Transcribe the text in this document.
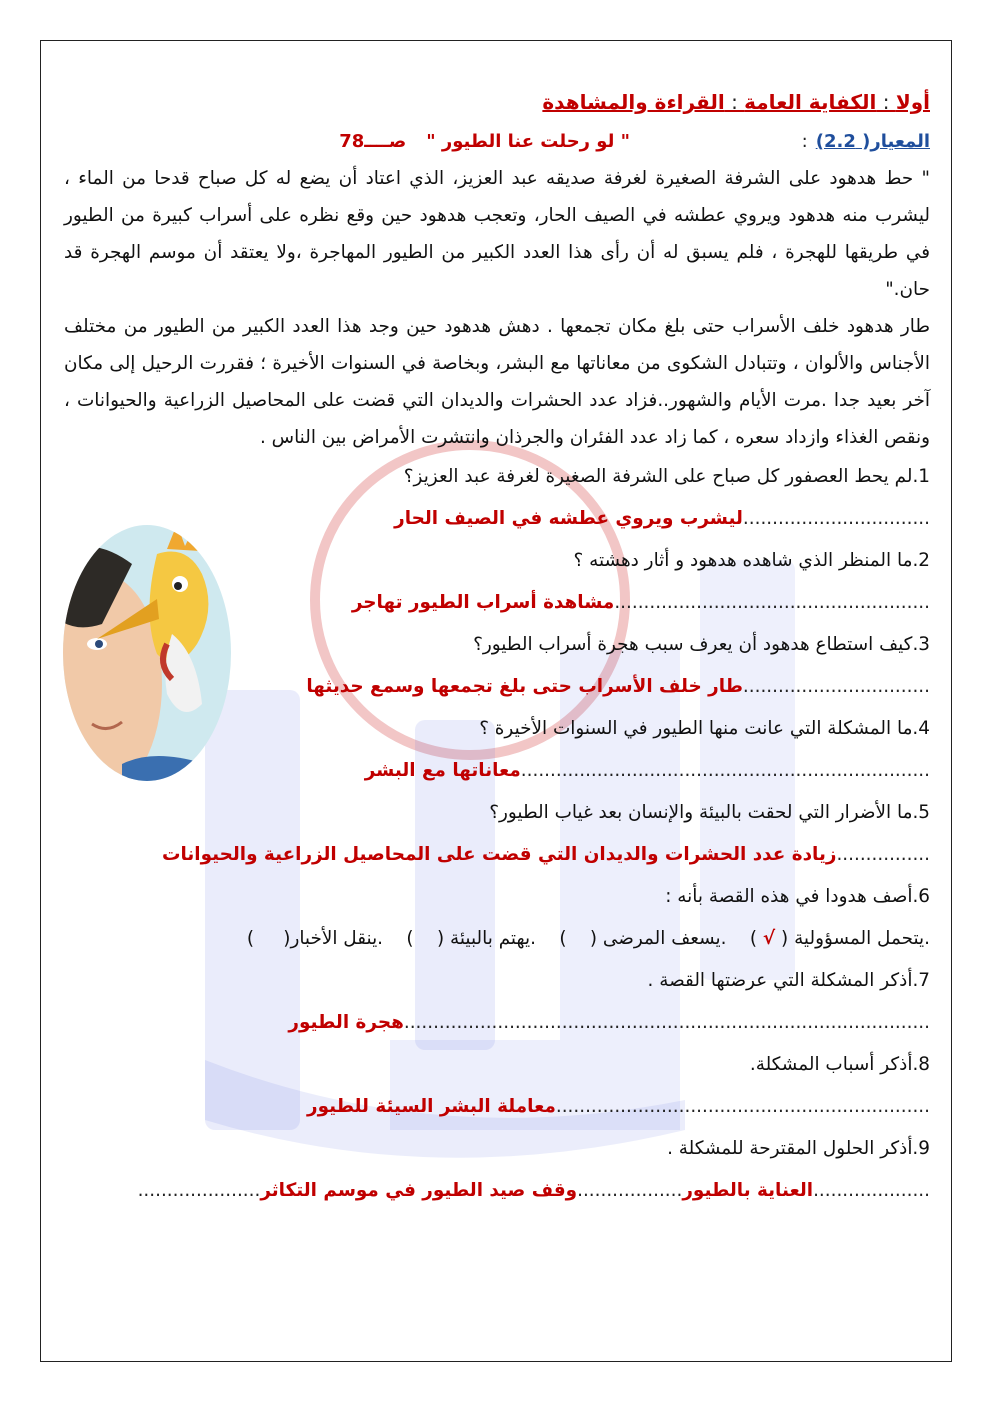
أولا : الكفاية العامة : القراءة والمشاهدة
المعيار( 2.2):
" لو رحلت عنا الطيور "صــــ78

" حط هدهود على الشرفة الصغيرة لغرفة صديقه عبد العزيز، الذي اعتاد أن يضع له كل صباح قدحا من الماء ، ليشرب منه هدهود ويروي عطشه في الصيف الحار، وتعجب هدهود حين وقع نظره على أسراب كبيرة من الطيور في طريقها للهجرة ، فلم يسبق له أن رأى هذا العدد الكبير من الطيور المهاجرة ،ولا يعتقد أن موسم الهجرة قد حان."

طار هدهود خلف الأسراب حتى بلغ مكان تجمعها . دهش هدهود حين وجد هذا العدد الكبير من الطيور من مختلف الأجناس والألوان ، وتتبادل الشكوى من معاناتها مع البشر، وبخاصة في السنوات الأخيرة ؛ فقررت الرحيل إلى مكان آخر بعيد جدا .مرت الأيام والشهور..فزاد عدد الحشرات والديدان التي قضت على المحاصيل الزراعية والحيوانات ، ونقص الغذاء وازداد سعره ، كما زاد عدد الفئران والجرذان وانتشرت الأمراض بين الناس .

1.لم يحط العصفور كل صباح على الشرفة الصغيرة لغرفة عبد العزيز؟
................................ليشرب ويروي عطشه في الصيف الحار
2.ما المنظر الذي شاهده هدهود و أثار دهشته ؟
......................................................مشاهدة أسراب الطيور تهاجر
3.كيف استطاع هدهود أن يعرف سبب هجرة أسراب الطيور؟
................................طار خلف الأسراب حتى بلغ تجمعها وسمع حديثها
4.ما المشكلة التي عانت منها الطيور في السنوات الأخيرة ؟
......................................................................معاناتها مع البشر
5.ما الأضرار التي لحقت بالبيئة والإنسان بعد غياب الطيور؟
................زيادة عدد الحشرات والديدان التي قضت على المحاصيل الزراعية والحيوانات
6.أصف هدودا في هذه القصة بأنه :
.يتحمل المسؤولية ( √ )    .يسعف المرضى (    )    .يهتم بالبيئة (    )    .ينقل الأخبار(     )
7.أذكر المشكلة التي عرضتها القصة .
..........................................................................................هجرة الطيور
8.أذكر أسباب المشكلة.
................................................................معاملة البشر السيئة للطيور
9.أذكر الحلول المقترحة للمشكلة .
....................العناية بالطيور..................وقف صيد الطيور في موسم التكاثر.....................
